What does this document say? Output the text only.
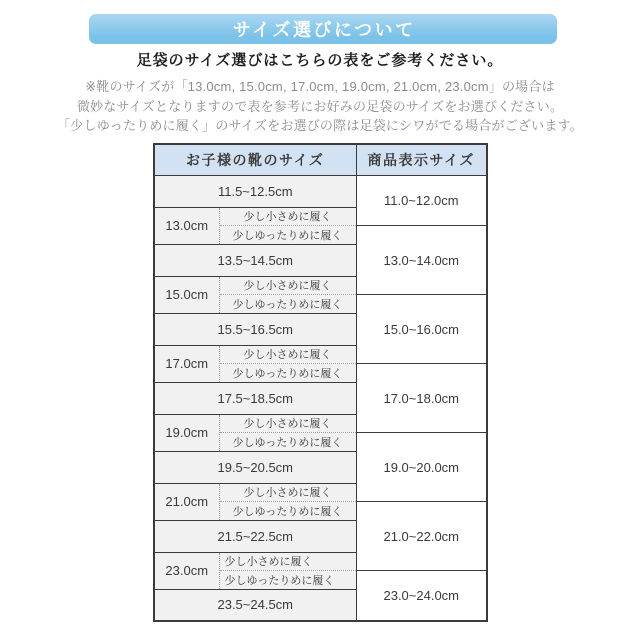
サイズ選びについて
足袋のサイズ選びはこちらの表をご参考ください。
※靴のサイズが「13.0cm, 15.0cm, 17.0cm, 19.0cm, 21.0cm, 23.0cm」の場合は
微妙なサイズとなりますので表を参考にお好みの足袋のサイズをお選びください。
「少しゆったりめに履く」のサイズをお選びの際は足袋にシワがでる場合がございます。
お子様の靴のサイズ		商品表示サイズ
11.5~12.5cm		11.0~12.0cm
13.0cm	少し小さめに履く	
	少しゆったりめに履く	13.0~14.0cm
13.5~14.5cm		
15.0cm	少し小さめに履く	
	少しゆったりめに履く	15.0~16.0cm
15.5~16.5cm		
17.0cm	少し小さめに履く	
	少しゆったりめに履く	17.0~18.0cm
17.5~18.5cm		
19.0cm	少し小さめに履く	
	少しゆったりめに履く	19.0~20.0cm
19.5~20.5cm		
21.0cm	少し小さめに履く	
	少しゆったりめに履く	21.0~22.0cm
21.5~22.5cm		
23.0cm	少し小さめに履く	
	少しゆったりめに履く	23.0~24.0cm
23.5~24.5cm		
